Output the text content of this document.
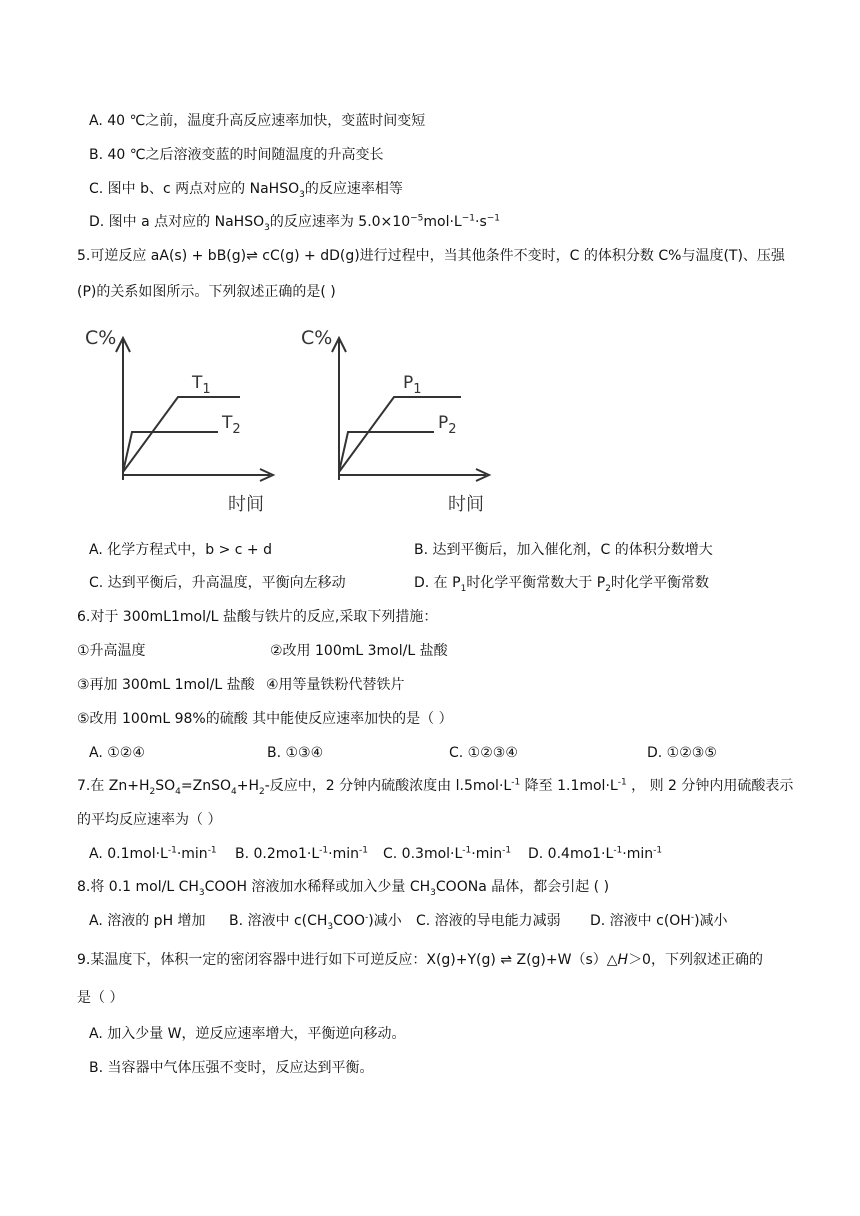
A. 40 ℃之前，温度升高反应速率加快，变蓝时间变短
B. 40 ℃之后溶液变蓝的时间随温度的升高变长
C. 图中 b、c 两点对应的 NaHSO$_3$的反应速率相等
D. 图中 a 点对应的 NaHSO$_3$的反应速率为 $5.0\times 10^{-5}mol\cdot L^{-1}\cdot s^{-1}$
5.可逆反应 aA(s) + bB(g)⇌ cC(g) + dD(g)进行过程中，当其他条件不变时，C 的体积分数 C%与温度(T)、压强
(P)的关系如图所示。下列叙述正确的是( )
C%
$T_1$
$T_2$
时间
C%
$P_1$
$P_2$
时间
A. 化学方程式中，b > c + d	B. 达到平衡后，加入催化剂，C 的体积分数增大
C. 达到平衡后，升高温度，平衡向左移动	D. 在 $P_1$时化学平衡常数大于 $P_2$时化学平衡常数
6.对于 300mL1mol/L 盐酸与铁片的反应,采取下列措施：
①升高温度	②改用 100mL 3mol/L 盐酸
③再加 300mL 1mol/L 盐酸 ④用等量铁粉代替铁片
⑤改用 100mL 98%的硫酸 其中能使反应速率加快的是（ ）
A. ①②④	B. ①③④	C. ①②③④	D. ①②③⑤
7.在 $Zn+H_2SO_4=ZnSO_4+H_2-$反应中，2 分钟内硫酸浓度由 $l.5mol\cdot L^{-1}$ 降至 $1.1mol\cdot L^{-1}$ ， 则 2 分钟内用硫酸表示
的平均反应速率为（ ）
A. $0.1mol\cdot L^{-1}\cdot\min^{-1}$ B. $0.2mo1\cdot L^{-1}\cdot\min^{-1}$ C. $0.3mol\cdot L^{-1}\cdot\min^{-1}$ D. $0.4mo1\cdot L^{-1}\cdot\min^{-1}$
8.将 0.1 mol/L $CH_3COOH$ 溶液加水稀释或加入少量 $CH_3COONa$ 晶体，都会引起 ( )
A. 溶液的 pH 增加 B. 溶液中 $c(CH_3COO^-)$减小 C. 溶液的导电能力减弱 D. 溶液中 c(OH-)减小
9.某温度下，体积一定的密闭容器中进行如下可逆反应：X(g)+Y(g) ⇌ Z(g)+W（s）△H＞0，下列叙述正确的
是（ ）
A. 加入少量 W，逆反应速率增大，平衡逆向移动。
B. 当容器中气体压强不变时，反应达到平衡。
